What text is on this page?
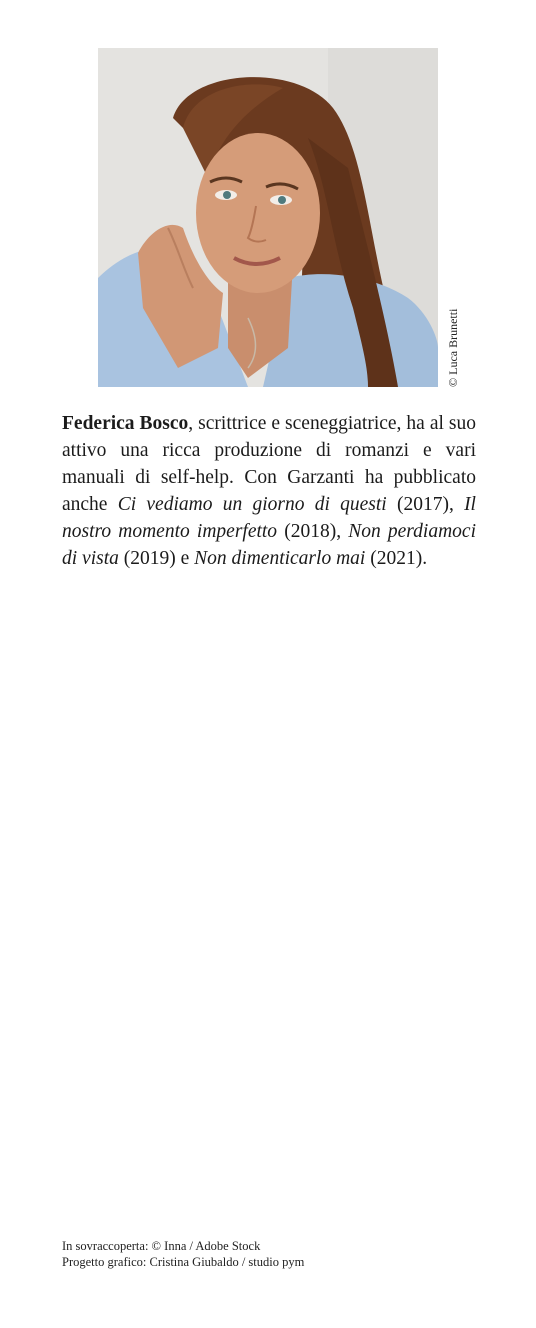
© Luca Brunetti

Federica Bosco, scrittrice e sceneggiatrice, ha al suo attivo una ricca produzione di romanzi e vari manuali di self-help. Con Garzanti ha pubblicato anche Ci vediamo un giorno di questi (2017), Il nostro momento imperfetto (2018), Non perdiamoci di vista (2019) e Non dimenticarlo mai (2021).

In sovraccoperta: © Inna / Adobe Stock
Progetto grafico: Cristina Giubaldo / studio pym
